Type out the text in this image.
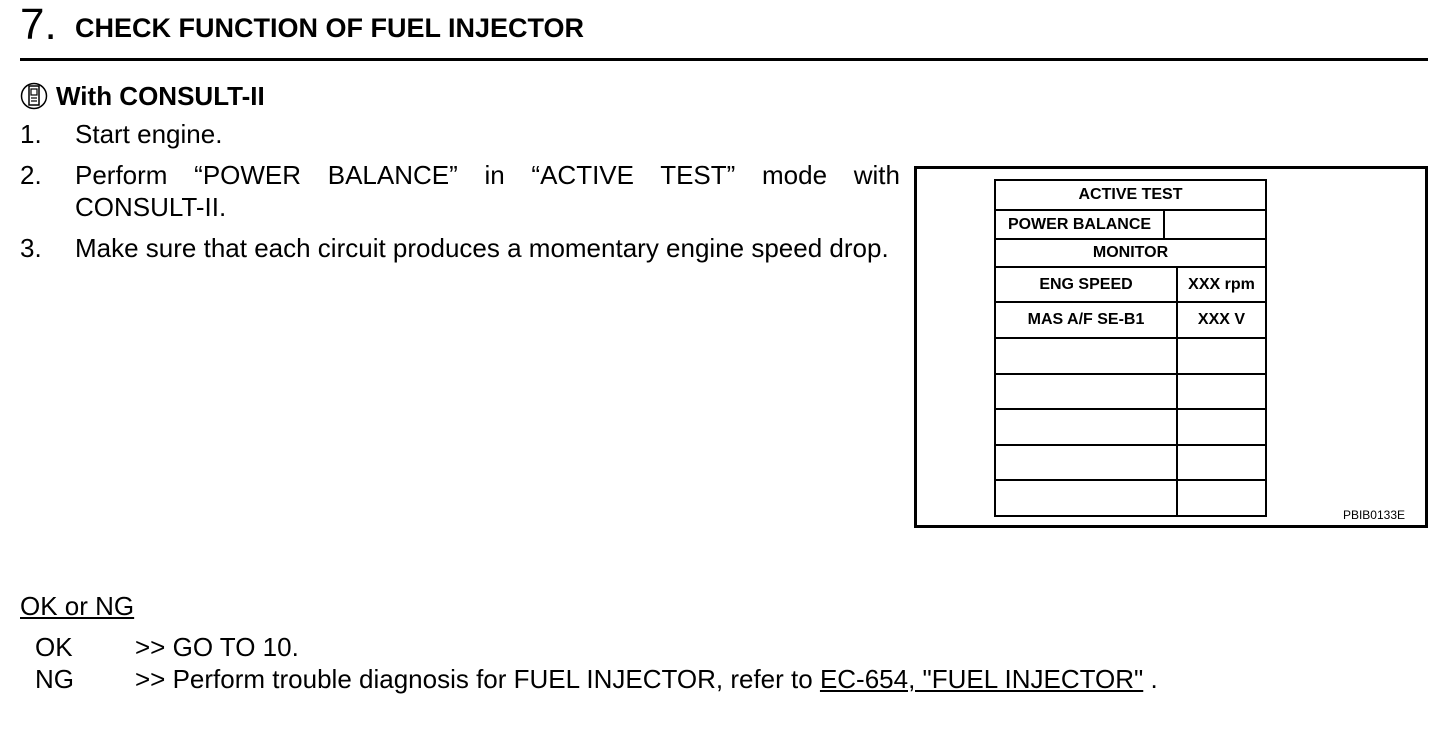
7. CHECK FUNCTION OF FUEL INJECTOR
With CONSULT-II
1.	Start engine.
2.	Perform “POWER BALANCE” in “ACTIVE TEST” mode with CONSULT-II.
3.	Make sure that each circuit produces a momentary engine speed drop.
ACTIVE TEST
POWER BALANCE
MONITOR
ENG SPEED	XXX rpm
MAS A/F SE-B1	XXX V
PBIB0133E
OK or NG
OK >> GO TO 10.
NG >> Perform trouble diagnosis for FUEL INJECTOR, refer to EC-654, "FUEL INJECTOR" .
